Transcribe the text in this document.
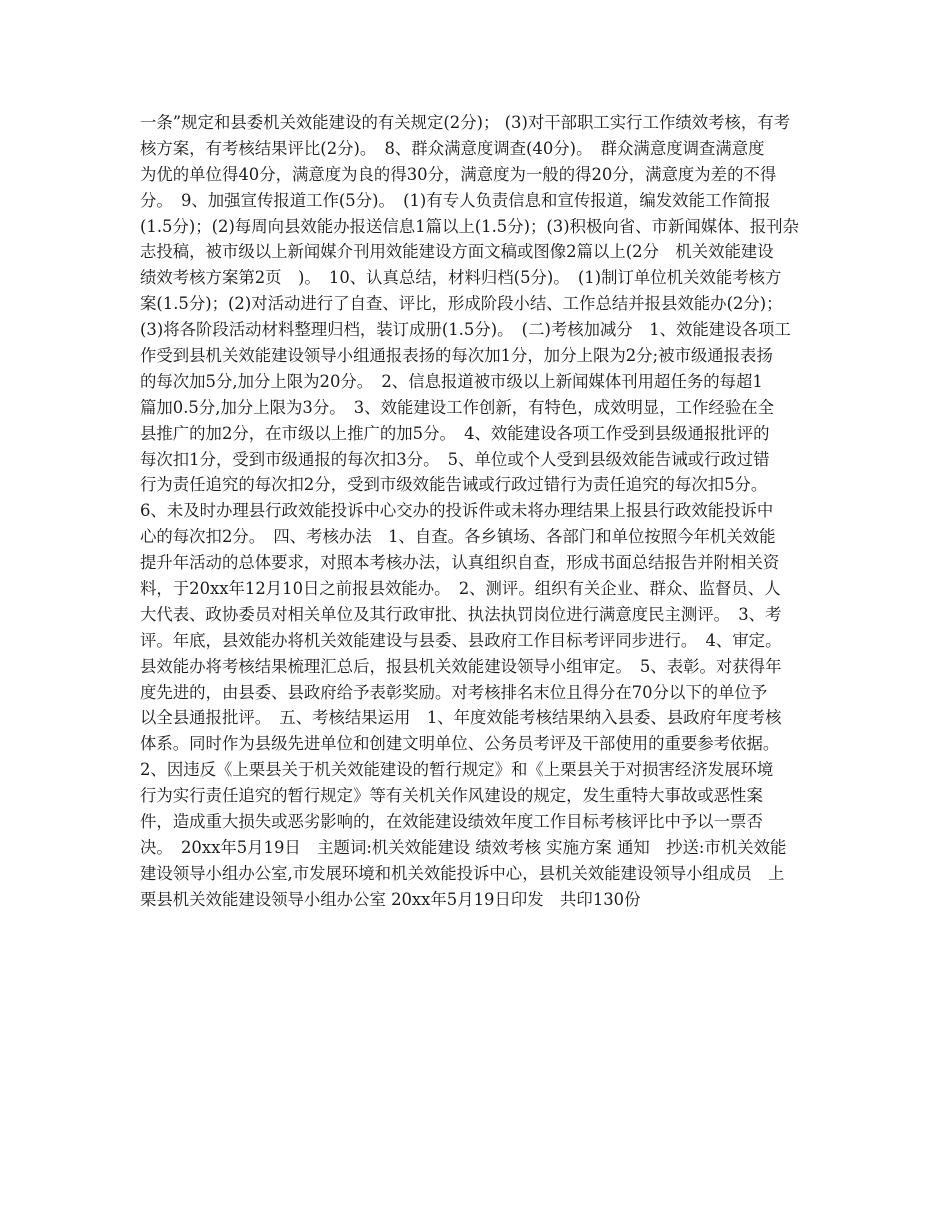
一条”规定和县委机关效能建设的有关规定(2分)； (3)对干部职工实行工作绩效考核，有考
核方案，有考核结果评比(2分)。　8、群众满意度调查(40分)。　群众满意度调查满意度
为优的单位得40分，满意度为良的得30分，满意度为一般的得20分，满意度为差的不得
分。　9、加强宣传报道工作(5分)。　(1)有专人负责信息和宣传报道，编发效能工作简报
(1.5分)；(2)每周向县效能办报送信息1篇以上(1.5分)；(3)积极向省、市新闻媒体、报刊杂
志投稿，被市级以上新闻媒介刊用效能建设方面文稿或图像2篇以上(2分　机关效能建设
绩效考核方案第2页　)。　10、认真总结，材料归档(5分)。　(1)制订单位机关效能考核方
案(1.5分)；(2)对活动进行了自查、评比，形成阶段小结、工作总结并报县效能办(2分)；
(3)将各阶段活动材料整理归档，装订成册(1.5分)。　(二)考核加减分　1、效能建设各项工
作受到县机关效能建设领导小组通报表扬的每次加1分，加分上限为2分;被市级通报表扬
的每次加5分,加分上限为20分。　2、信息报道被市级以上新闻媒体刊用超任务的每超1
篇加0.5分,加分上限为3分。　3、效能建设工作创新，有特色，成效明显，工作经验在全
县推广的加2分，在市级以上推广的加5分。　4、效能建设各项工作受到县级通报批评的
每次扣1分，受到市级通报的每次扣3分。　5、单位或个人受到县级效能告诫或行政过错
行为责任追究的每次扣2分，受到市级效能告诫或行政过错行为责任追究的每次扣5分。
6、未及时办理县行政效能投诉中心交办的投诉件或未将办理结果上报县行政效能投诉中
心的每次扣2分。　四、考核办法　1、自查。各乡镇场、各部门和单位按照今年机关效能
提升年活动的总体要求，对照本考核办法，认真组织自查，形成书面总结报告并附相关资
料，于20xx年12月10日之前报县效能办。　2、测评。组织有关企业、群众、监督员、人
大代表、政协委员对相关单位及其行政审批、执法执罚岗位进行满意度民主测评。　3、考
评。年底，县效能办将机关效能建设与县委、县政府工作目标考评同步进行。　4、审定。
县效能办将考核结果梳理汇总后，报县机关效能建设领导小组审定。　5、表彰。对获得年
度先进的，由县委、县政府给予表彰奖励。对考核排名末位且得分在70分以下的单位予
以全县通报批评。　五、考核结果运用　1、年度效能考核结果纳入县委、县政府年度考核
体系。同时作为县级先进单位和创建文明单位、公务员考评及干部使用的重要参考依据。
2、因违反《上栗县关于机关效能建设的暂行规定》和《上栗县关于对损害经济发展环境
行为实行责任追究的暂行规定》等有关机关作风建设的规定，发生重特大事故或恶性案
件，造成重大损失或恶劣影响的，在效能建设绩效年度工作目标考核评比中予以一票否
决。　20xx年5月19日　主题词:机关效能建设 绩效考核 实施方案 通知　抄送:市机关效能
建设领导小组办公室,市发展环境和机关效能投诉中心，县机关效能建设领导小组成员　上
栗县机关效能建设领导小组办公室 20xx年5月19日印发　共印130份
